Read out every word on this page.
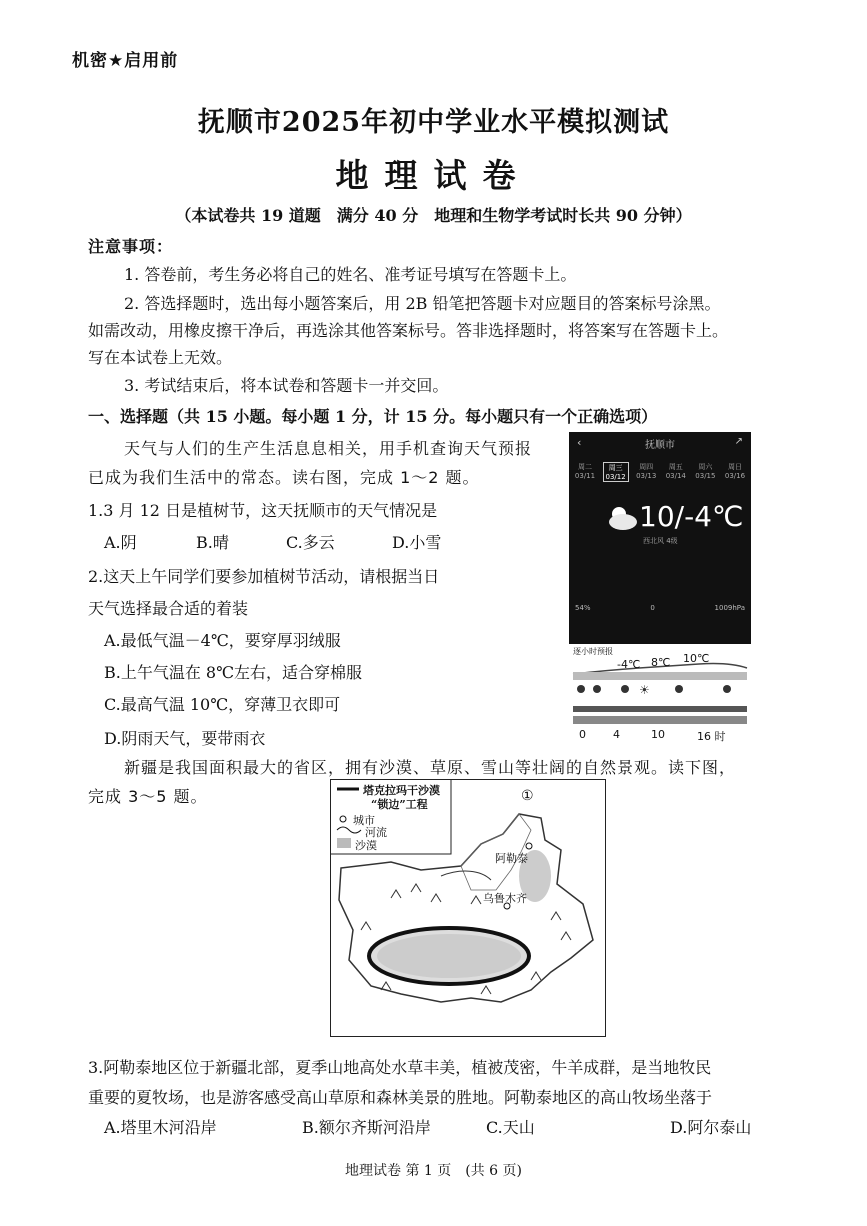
机密★启用前
抚顺市2025年初中学业水平模拟测试
地理试卷
（本试卷共 19 道题　满分 40 分　地理和生物学考试时长共 90 分钟）
注意事项：
1. 答卷前，考生务必将自己的姓名、准考证号填写在答题卡上。
2. 答选择题时，选出每小题答案后，用 2B 铅笔把答题卡对应题目的答案标号涂黑。
如需改动，用橡皮擦干净后，再选涂其他答案标号。答非选择题时，将答案写在答题卡上。
写在本试卷上无效。
3. 考试结束后，将本试卷和答题卡一并交回。
一、选择题（共 15 小题。每小题 1 分，计 15 分。每小题只有一个正确选项）
天气与人们的生产生活息息相关，用手机查询天气预报
已成为我们生活中的常态。读右图，完成 1～2 题。
1.3 月 12 日是植树节，这天抚顺市的天气情况是
A.阴	B.晴	C.多云	D.小雪
2.这天上午同学们要参加植树节活动，请根据当日
天气选择最合适的着装
A.最低气温－4℃，要穿厚羽绒服
B.上午气温在 8℃左右，适合穿棉服
C.最高气温 10℃，穿薄卫衣即可
D.阴雨天气，要带雨衣
‹	抚顺市	↗
周二
03/11
周三
03/12
周四
03/13
周五
03/14
周六
03/15
周日
03/16
10/-4℃
西北风 4级
54%	0	1009hPa
逐小时预报
☀
-4℃ 8℃ 10℃
0 4	10	16 时
新疆是我国面积最大的省区，拥有沙漠、草原、雪山等壮阔的自然景观。读下图，
完成 3～5 题。	塔克拉玛干沙漠
“锁边”工程
城市
河流
沙漠
①
阿勒泰
乌鲁木齐
3.阿勒泰地区位于新疆北部，夏季山地高处水草丰美，植被茂密，牛羊成群，是当地牧民
重要的夏牧场，也是游客感受高山草原和森林美景的胜地。阿勒泰地区的高山牧场坐落于
A.塔里木河沿岸	B.额尔齐斯河沿岸	C.天山	D.阿尔泰山
地理试卷 第 1 页　(共 6 页)
